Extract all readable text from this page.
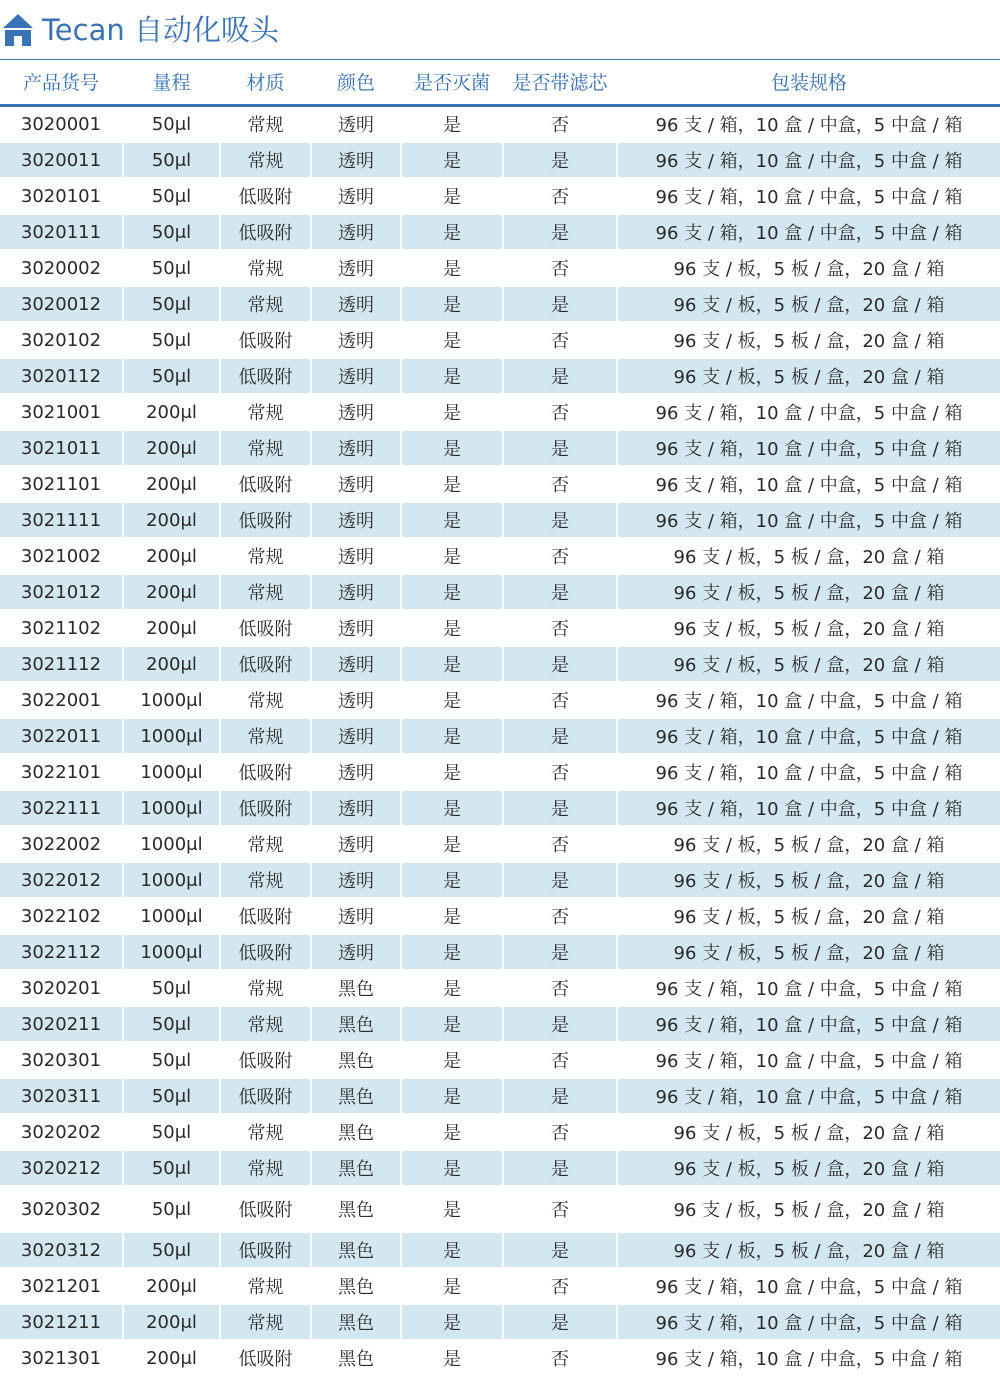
Tecan 自动化吸头
产品货号	量程	材质	颜色	是否灭菌	是否带滤芯	包装规格
3020001	50μl	常规	透明	是	否	96 支 / 箱，10 盒 / 中盒，5 中盒 / 箱
3020011	50μl	常规	透明	是	是	96 支 / 箱，10 盒 / 中盒，5 中盒 / 箱
3020101	50μl	低吸附	透明	是	否	96 支 / 箱，10 盒 / 中盒，5 中盒 / 箱
3020111	50μl	低吸附	透明	是	是	96 支 / 箱，10 盒 / 中盒，5 中盒 / 箱
3020002	50μl	常规	透明	是	否	96 支 / 板，5 板 / 盒，20 盒 / 箱
3020012	50μl	常规	透明	是	是	96 支 / 板，5 板 / 盒，20 盒 / 箱
3020102	50μl	低吸附	透明	是	否	96 支 / 板，5 板 / 盒，20 盒 / 箱
3020112	50μl	低吸附	透明	是	是	96 支 / 板，5 板 / 盒，20 盒 / 箱
3021001	200μl	常规	透明	是	否	96 支 / 箱，10 盒 / 中盒，5 中盒 / 箱
3021011	200μl	常规	透明	是	是	96 支 / 箱，10 盒 / 中盒，5 中盒 / 箱
3021101	200μl	低吸附	透明	是	否	96 支 / 箱，10 盒 / 中盒，5 中盒 / 箱
3021111	200μl	低吸附	透明	是	是	96 支 / 箱，10 盒 / 中盒，5 中盒 / 箱
3021002	200μl	常规	透明	是	否	96 支 / 板，5 板 / 盒，20 盒 / 箱
3021012	200μl	常规	透明	是	是	96 支 / 板，5 板 / 盒，20 盒 / 箱
3021102	200μl	低吸附	透明	是	否	96 支 / 板，5 板 / 盒，20 盒 / 箱
3021112	200μl	低吸附	透明	是	是	96 支 / 板，5 板 / 盒，20 盒 / 箱
3022001	1000μl	常规	透明	是	否	96 支 / 箱，10 盒 / 中盒，5 中盒 / 箱
3022011	1000μl	常规	透明	是	是	96 支 / 箱，10 盒 / 中盒，5 中盒 / 箱
3022101	1000μl	低吸附	透明	是	否	96 支 / 箱，10 盒 / 中盒，5 中盒 / 箱
3022111	1000μl	低吸附	透明	是	是	96 支 / 箱，10 盒 / 中盒，5 中盒 / 箱
3022002	1000μl	常规	透明	是	否	96 支 / 板，5 板 / 盒，20 盒 / 箱
3022012	1000μl	常规	透明	是	是	96 支 / 板，5 板 / 盒，20 盒 / 箱
3022102	1000μl	低吸附	透明	是	否	96 支 / 板，5 板 / 盒，20 盒 / 箱
3022112	1000μl	低吸附	透明	是	是	96 支 / 板，5 板 / 盒，20 盒 / 箱
3020201	50μl	常规	黑色	是	否	96 支 / 箱，10 盒 / 中盒，5 中盒 / 箱
3020211	50μl	常规	黑色	是	是	96 支 / 箱，10 盒 / 中盒，5 中盒 / 箱
3020301	50μl	低吸附	黑色	是	否	96 支 / 箱，10 盒 / 中盒，5 中盒 / 箱
3020311	50μl	低吸附	黑色	是	是	96 支 / 箱，10 盒 / 中盒，5 中盒 / 箱
3020202	50μl	常规	黑色	是	否	96 支 / 板，5 板 / 盒，20 盒 / 箱
3020212	50μl	常规	黑色	是	是	96 支 / 板，5 板 / 盒，20 盒 / 箱
3020302	50μl	低吸附	黑色	是	否	96 支 / 板，5 板 / 盒，20 盒 / 箱
3020312	50μl	低吸附	黑色	是	是	96 支 / 板，5 板 / 盒，20 盒 / 箱
3021201	200μl	常规	黑色	是	否	96 支 / 箱，10 盒 / 中盒，5 中盒 / 箱
3021211	200μl	常规	黑色	是	是	96 支 / 箱，10 盒 / 中盒，5 中盒 / 箱
3021301	200μl	低吸附	黑色	是	否	96 支 / 箱，10 盒 / 中盒，5 中盒 / 箱
